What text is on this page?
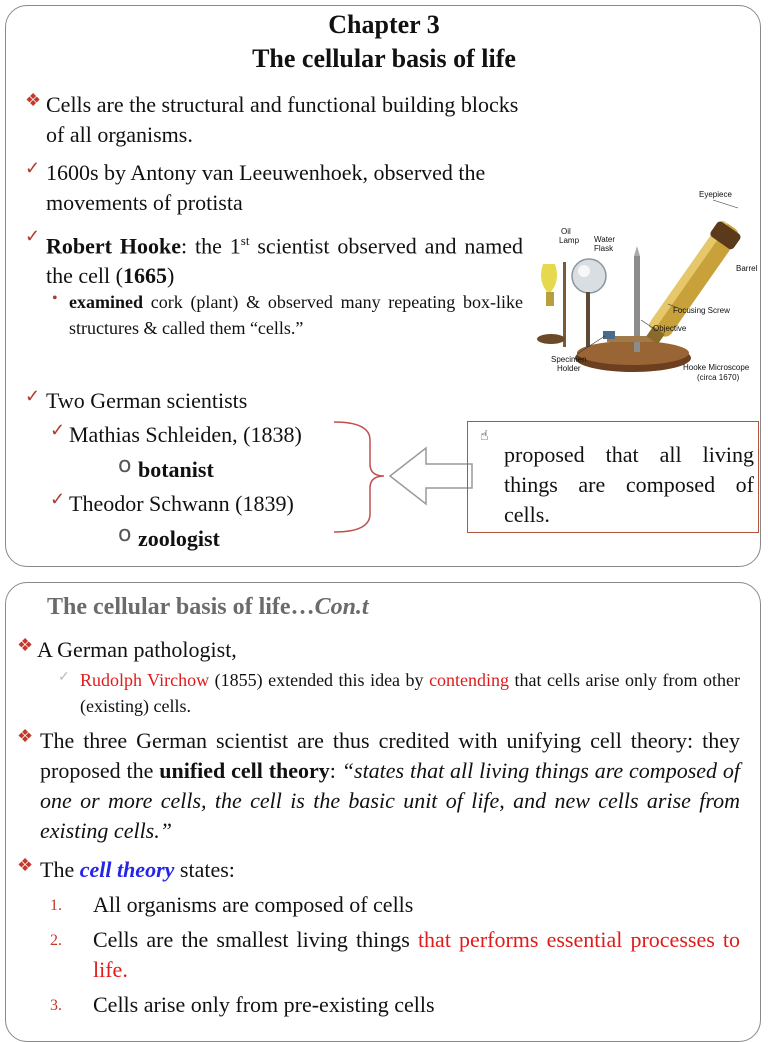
Chapter 3
The cellular basis of life
❖ Cells are the structural and functional building blocks of all organisms.
✓ 1600s by Antony van Leeuwenhoek, observed the movements of protista
✓ Robert Hooke: the 1st scientist observed and named the cell (1665)
• examined cork (plant) & observed many repeating box-like structures & called them “cells.”
Eyepiece
Oil
Lamp Water
Flask
Barrel
Focusing Screw
Objective
Specimen
Holder	Hooke Microscope
(circa 1670)
✓ Two German scientists
✓ Mathias Schleiden, (1838)
o botanist
✓ Theodor Schwann (1839)
o zoologist
☝
proposed that all living things are composed of cells.
The cellular basis of life…Con.t
❖ A German pathologist,
✓ Rudolph Virchow (1855) extended this idea by contending that cells arise only from other (existing) cells.
❖ The three German scientist are thus credited with unifying cell theory: they proposed the unified cell theory: “states that all living things are composed of one or more cells, the cell is the basic unit of life, and new cells arise from existing cells.”
❖ The cell theory states:
1. All organisms are composed of cells
2. Cells are the smallest living things that performs essential processes to life.
3. Cells arise only from pre-existing cells
